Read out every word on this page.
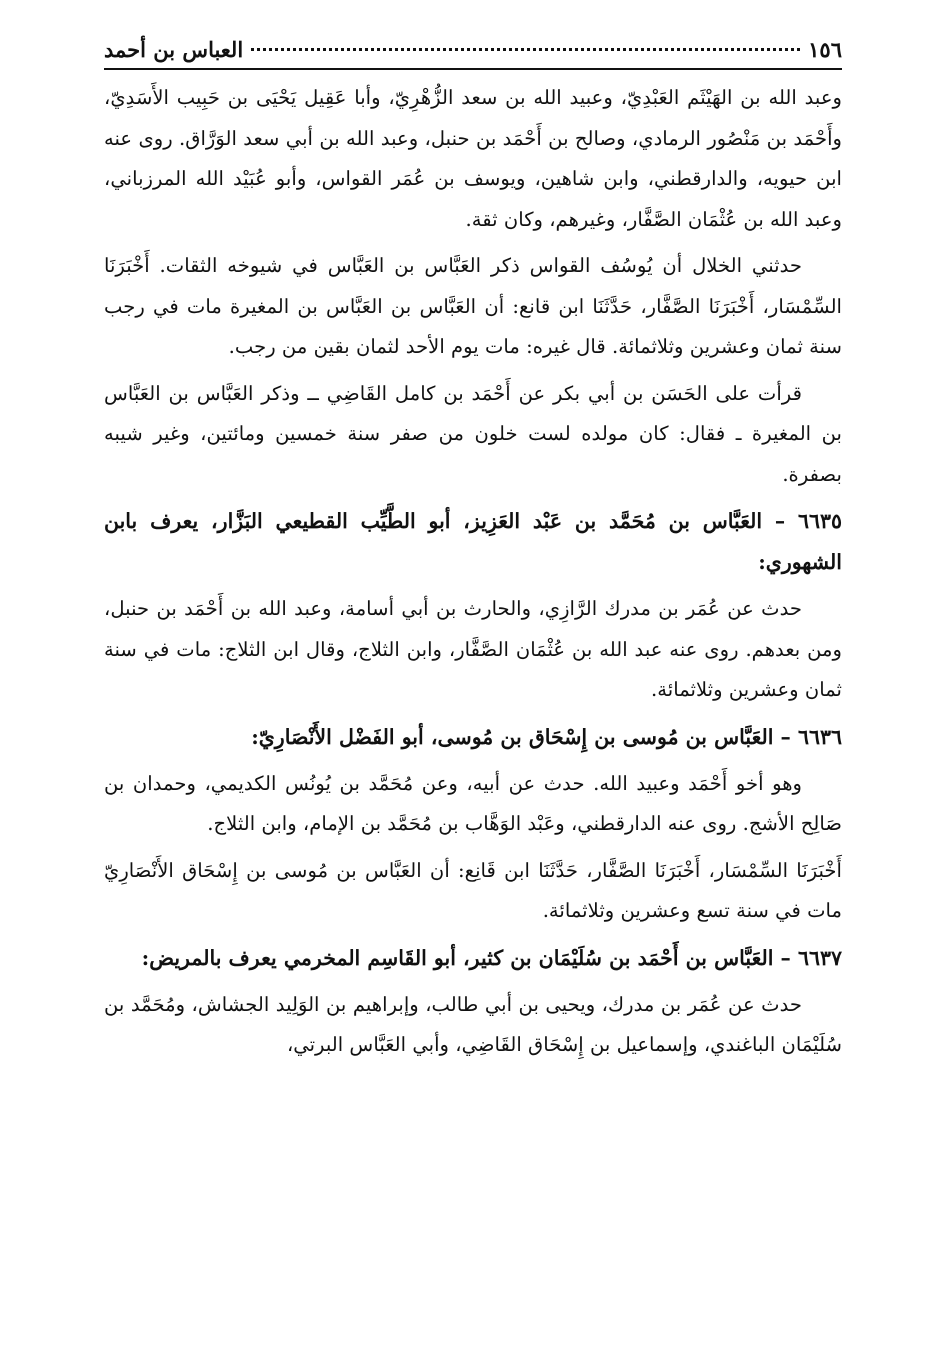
١٥٦
العباس بن أحمد

وعبد الله بن الهَيْثَم العَبْدِيّ، وعبيد الله بن سعد الزُّهْرِيّ، وأبا عَقِيل يَحْيَى بن حَبِيب الأَسَدِيّ، وأَحْمَد بن مَنْصُور الرمادي، وصالح بن أَحْمَد بن حنبل، وعبد الله بن أبي سعد الوَرَّاق. روى عنه ابن حيويه، والدارقطني، وابن شاهين، ويوسف بن عُمَر القواس، وأبو عُبَيْد الله المرزباني، وعبد الله بن عُثْمَان الصَّفَّار، وغيرهم، وكان ثقة.

حدثني الخلال أن يُوسُف القواس ذكر العَبَّاس بن العَبَّاس في شيوخه الثقات. أَخْبَرَنَا السِّمْسَار، أَخْبَرَنَا الصَّفَّار، حَدَّثَنَا ابن قانع: أن العَبَّاس بن العَبَّاس بن المغيرة مات في رجب سنة ثمان وعشرين وثلاثمائة. قال غيره: مات يوم الأحد لثمان بقين من رجب.

قرأت على الحَسَن بن أبي بكر عن أَحْمَد بن كامل القَاضِي ــ وذكر العَبَّاس بن العَبَّاس بن المغيرة ـ فقال: كان مولده لست خلون من صفر سنة خمسين ومائتين، وغير شيبه بصفرة.

٦٦٣٥ – العَبَّاس بن مُحَمَّد بن عَبْد العَزِيز، أبو الطَّيِّب القطيعي البَزَّار، يعرف بابن الشهوري:

حدث عن عُمَر بن مدرك الرَّازِي، والحارث بن أبي أسامة، وعبد الله بن أَحْمَد بن حنبل، ومن بعدهم. روى عنه عبد الله بن عُثْمَان الصَّفَّار، وابن الثلاج، وقال ابن الثلاج: مات في سنة ثمان وعشرين وثلاثمائة.

٦٦٣٦ – العَبَّاس بن مُوسى بن إِسْحَاق بن مُوسى، أبو الفَضْل الأَنْصَارِيّ:

وهو أخو أَحْمَد وعبيد الله. حدث عن أبيه، وعن مُحَمَّد بن يُونُس الكديمي، وحمدان بن صَالِح الأشج. روى عنه الدارقطني، وعَبْد الوَهَّاب بن مُحَمَّد بن الإمام، وابن الثلاج.

أَخْبَرَنَا السِّمْسَار، أَخْبَرَنَا الصَّفَّار، حَدَّثَنَا ابن قَانِع: أن العَبَّاس بن مُوسى بن إِسْحَاق الأَنْصَارِيّ مات في سنة تسع وعشرين وثلاثمائة.

٦٦٣٧ – العَبَّاس بن أَحْمَد بن سُلَيْمَان بن كثير، أبو القَاسِم المخرمي يعرف بالمريض:

حدث عن عُمَر بن مدرك، ويحيى بن أبي طالب، وإبراهيم بن الوَلِيد الجشاش، ومُحَمَّد بن سُلَيْمَان الباغندي، وإسماعيل بن إِسْحَاق القَاضِي، وأبي العَبَّاس البرتي،
